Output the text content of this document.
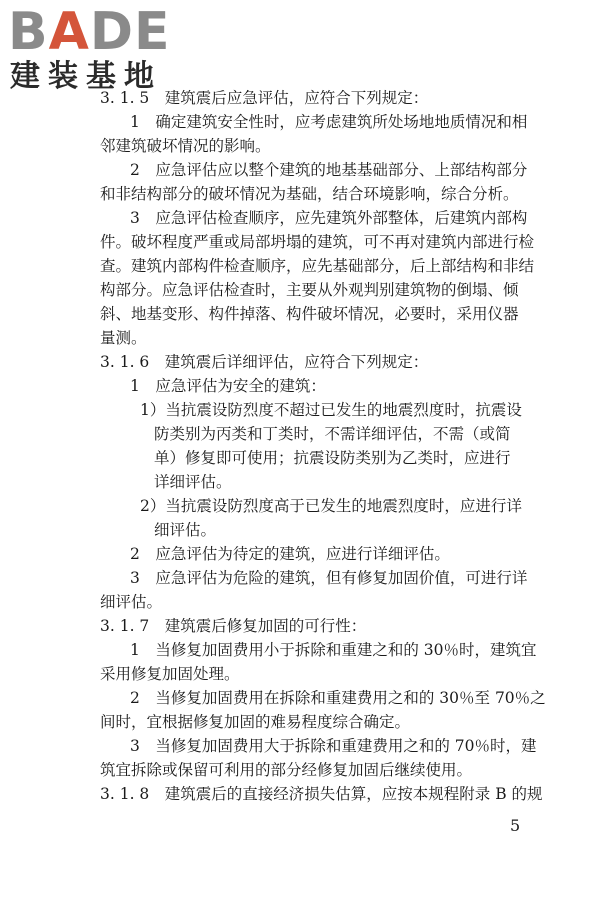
BADE
建装基地
3. 1. 5　建筑震后应急评估，应符合下列规定：
1　确定建筑安全性时，应考虑建筑所处场地地质情况和相
邻建筑破坏情况的影响。
2　应急评估应以整个建筑的地基基础部分、上部结构部分
和非结构部分的破坏情况为基础，结合环境影响，综合分析。
3　应急评估检查顺序，应先建筑外部整体，后建筑内部构
件。破坏程度严重或局部坍塌的建筑，可不再对建筑内部进行检
查。建筑内部构件检查顺序，应先基础部分，后上部结构和非结
构部分。应急评估检查时，主要从外观判别建筑物的倒塌、倾
斜、地基变形、构件掉落、构件破坏情况，必要时，采用仪器
量测。
3. 1. 6　建筑震后详细评估，应符合下列规定：
1　应急评估为安全的建筑：
1）当抗震设防烈度不超过已发生的地震烈度时，抗震设
防类别为丙类和丁类时，不需详细评估，不需（或简
单）修复即可使用；抗震设防类别为乙类时，应进行
详细评估。
2）当抗震设防烈度高于已发生的地震烈度时，应进行详
细评估。
2　应急评估为待定的建筑，应进行详细评估。
3　应急评估为危险的建筑，但有修复加固价值，可进行详
细评估。
3. 1. 7　建筑震后修复加固的可行性：
1　当修复加固费用小于拆除和重建之和的 30％时，建筑宜
采用修复加固处理。
2　当修复加固费用在拆除和重建费用之和的 30％至 70％之
间时，宜根据修复加固的难易程度综合确定。
3　当修复加固费用大于拆除和重建费用之和的 70％时，建
筑宜拆除或保留可利用的部分经修复加固后继续使用。
3. 1. 8　建筑震后的直接经济损失估算，应按本规程附录 B 的规
5
